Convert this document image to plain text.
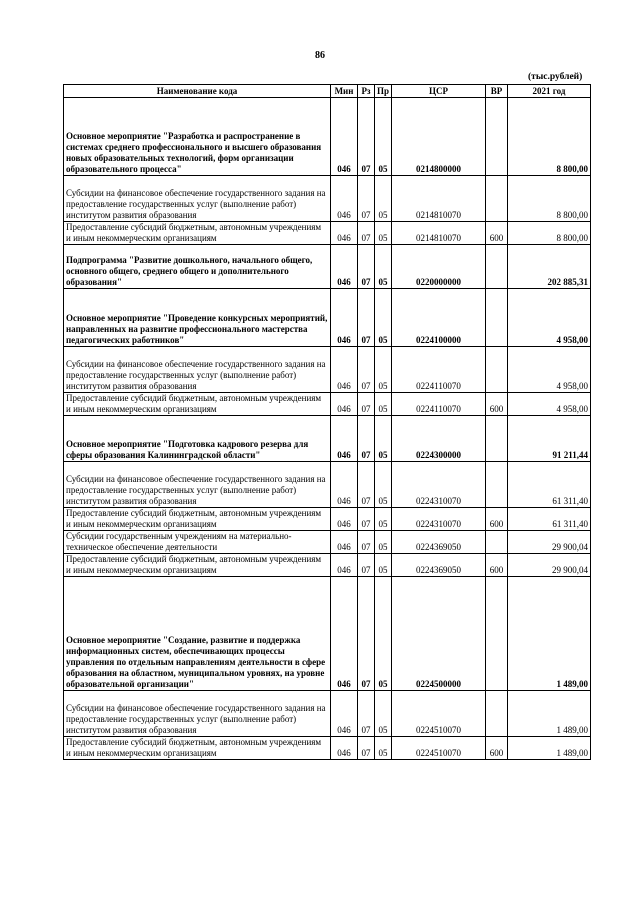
86
(тыс.рублей)
Наименование кода	Мин	Рз	Пр	ЦСР	ВР	2021 год
Основное мероприятие "Разработка и распространение в системах среднего профессионального и высшего образования новых образовательных технологий, форм организации образовательного процесса"	046	07	05	0214800000		8 800,00
Субсидии на финансовое обеспечение государственного задания на предоставление государственных услуг (выполнение работ) институтом развития образования	046	07	05	0214810070		8 800,00
Предоставление субсидий бюджетным, автономным учреждениям и иным некоммерческим организациям	046	07	05	0214810070	600	8 800,00
Подпрограмма "Развитие дошкольного, начального общего, основного общего, среднего общего и дополнительного образования"	046	07	05	0220000000		202 885,31
Основное мероприятие "Проведение конкурсных мероприятий, направленных на развитие профессионального мастерства педагогических работников"	046	07	05	0224100000		4 958,00
Субсидии на финансовое обеспечение государственного задания на предоставление государственных услуг (выполнение работ) институтом развития образования	046	07	05	0224110070		4 958,00
Предоставление субсидий бюджетным, автономным учреждениям и иным некоммерческим организациям	046	07	05	0224110070	600	4 958,00
Основное мероприятие "Подготовка кадрового резерва для сферы образования Калининградской области"	046	07	05	0224300000		91 211,44
Субсидии на финансовое обеспечение государственного задания на предоставление государственных услуг (выполнение работ) институтом развития образования	046	07	05	0224310070		61 311,40
Предоставление субсидий бюджетным, автономным учреждениям и иным некоммерческим организациям	046	07	05	0224310070	600	61 311,40
Субсидии государственным учреждениям на материально-техническое обеспечение деятельности	046	07	05	0224369050		29 900,04
Предоставление субсидий бюджетным, автономным учреждениям и иным некоммерческим организациям	046	07	05	0224369050	600	29 900,04
Основное мероприятие "Создание, развитие и поддержка информационных систем, обеспечивающих процессы управления по отдельным направлениям деятельности в сфере образования на областном, муниципальном уровнях, на уровне образовательной организации"	046	07	05	0224500000		1 489,00
Субсидии на финансовое обеспечение государственного задания на предоставление государственных услуг (выполнение работ) институтом развития образования	046	07	05	0224510070		1 489,00
Предоставление субсидий бюджетным, автономным учреждениям и иным некоммерческим организациям	046	07	05	0224510070	600	1 489,00
